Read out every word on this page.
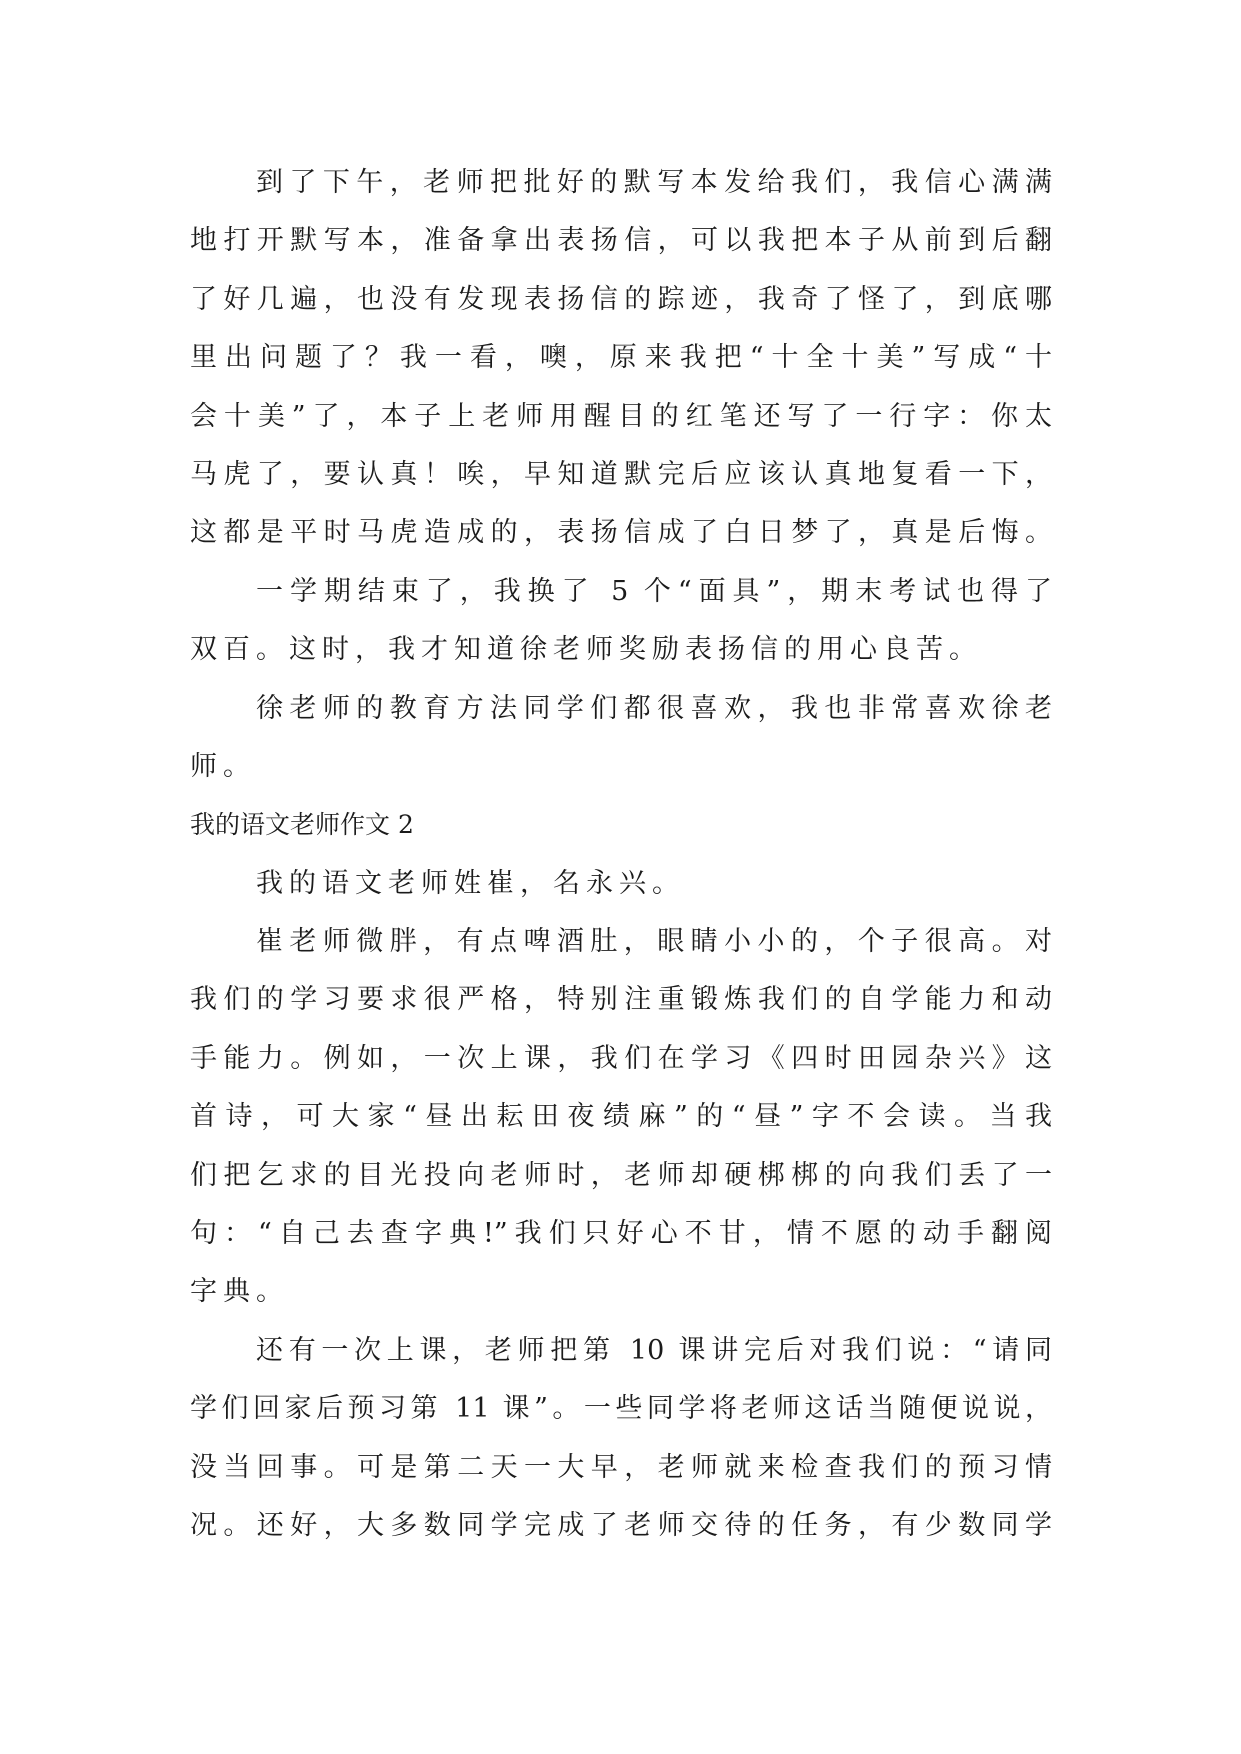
到了下午，老师把批好的默写本发给我们，我信心满满
地打开默写本，准备拿出表扬信，可以我把本子从前到后翻
了好几遍，也没有发现表扬信的踪迹，我奇了怪了，到底哪
里出问题了？我一看，噢，原来我把“十全十美”写成“十
会十美”了，本子上老师用醒目的红笔还写了一行字：你太
马虎了，要认真！唉，早知道默完后应该认真地复看一下，
这都是平时马虎造成的，表扬信成了白日梦了，真是后悔。
一学期结束了，我换了 5 个“面具”，期末考试也得了
双百。这时，我才知道徐老师奖励表扬信的用心良苦。
徐老师的教育方法同学们都很喜欢，我也非常喜欢徐老
师。
我的语文老师作文 2
我的语文老师姓崔，名永兴。
崔老师微胖，有点啤酒肚，眼睛小小的，个子很高。对
我们的学习要求很严格，特别注重锻炼我们的自学能力和动
手能力。例如，一次上课，我们在学习《四时田园杂兴》这
首诗，可大家“昼出耘田夜绩麻”的“昼”字不会读。当我
们把乞求的目光投向老师时，老师却硬梆梆的向我们丢了一
句：“自己去查字典!”我们只好心不甘，情不愿的动手翻阅
字典。
还有一次上课，老师把第 10 课讲完后对我们说：“请同
学们回家后预习第 11 课”。一些同学将老师这话当随便说说，
没当回事。可是第二天一大早，老师就来检查我们的预习情
况。还好，大多数同学完成了老师交待的任务，有少数同学
